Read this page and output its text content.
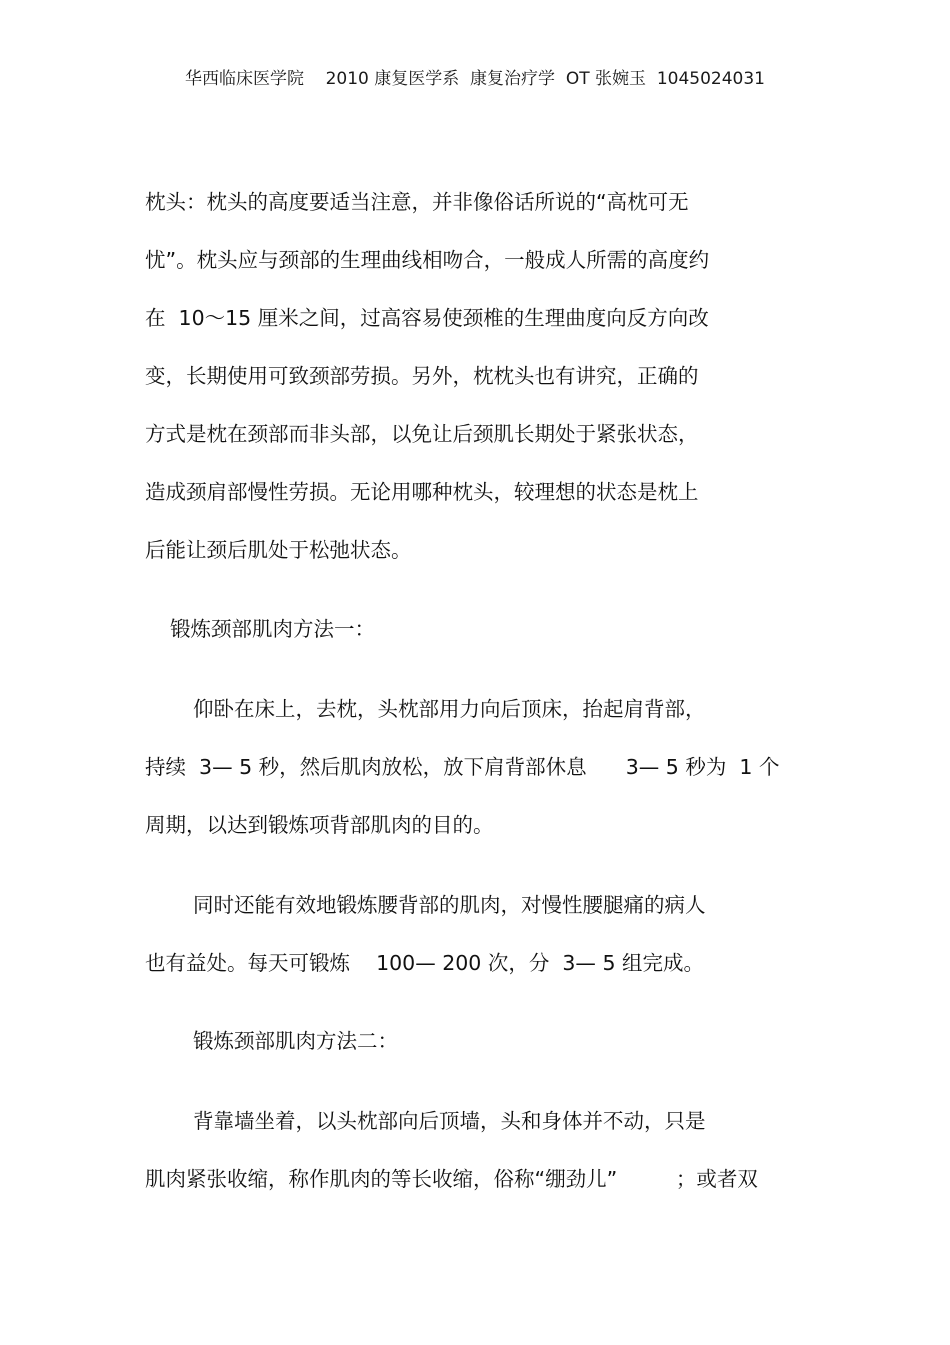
华西临床医学院    2010 康复医学系  康复治疗学  OT 张婉玉  1045024031
枕头：枕头的高度要适当注意，并非像俗话所说的“高枕可无
忧”。枕头应与颈部的生理曲线相吻合，一般成人所需的高度约
在  10～15 厘米之间，过高容易使颈椎的生理曲度向反方向改
变，长期使用可致颈部劳损。另外，枕枕头也有讲究，正确的
方式是枕在颈部而非头部，以免让后颈肌长期处于紧张状态，
造成颈肩部慢性劳损。无论用哪种枕头，较理想的状态是枕上
后能让颈后肌处于松弛状态。
锻炼颈部肌肉方法一：
仰卧在床上，去枕，头枕部用力向后顶床，抬起肩背部，
持续  3— 5 秒，然后肌肉放松，放下肩背部休息      3— 5 秒为  1 个
周期，以达到锻炼项背部肌肉的目的。
同时还能有效地锻炼腰背部的肌肉，对慢性腰腿痛的病人
也有益处。每天可锻炼    100— 200 次，分  3— 5 组完成。
锻炼颈部肌肉方法二：
背靠墙坐着，以头枕部向后顶墙，头和身体并不动，只是
肌肉紧张收缩，称作肌肉的等长收缩，俗称“绷劲儿”         ；或者双
